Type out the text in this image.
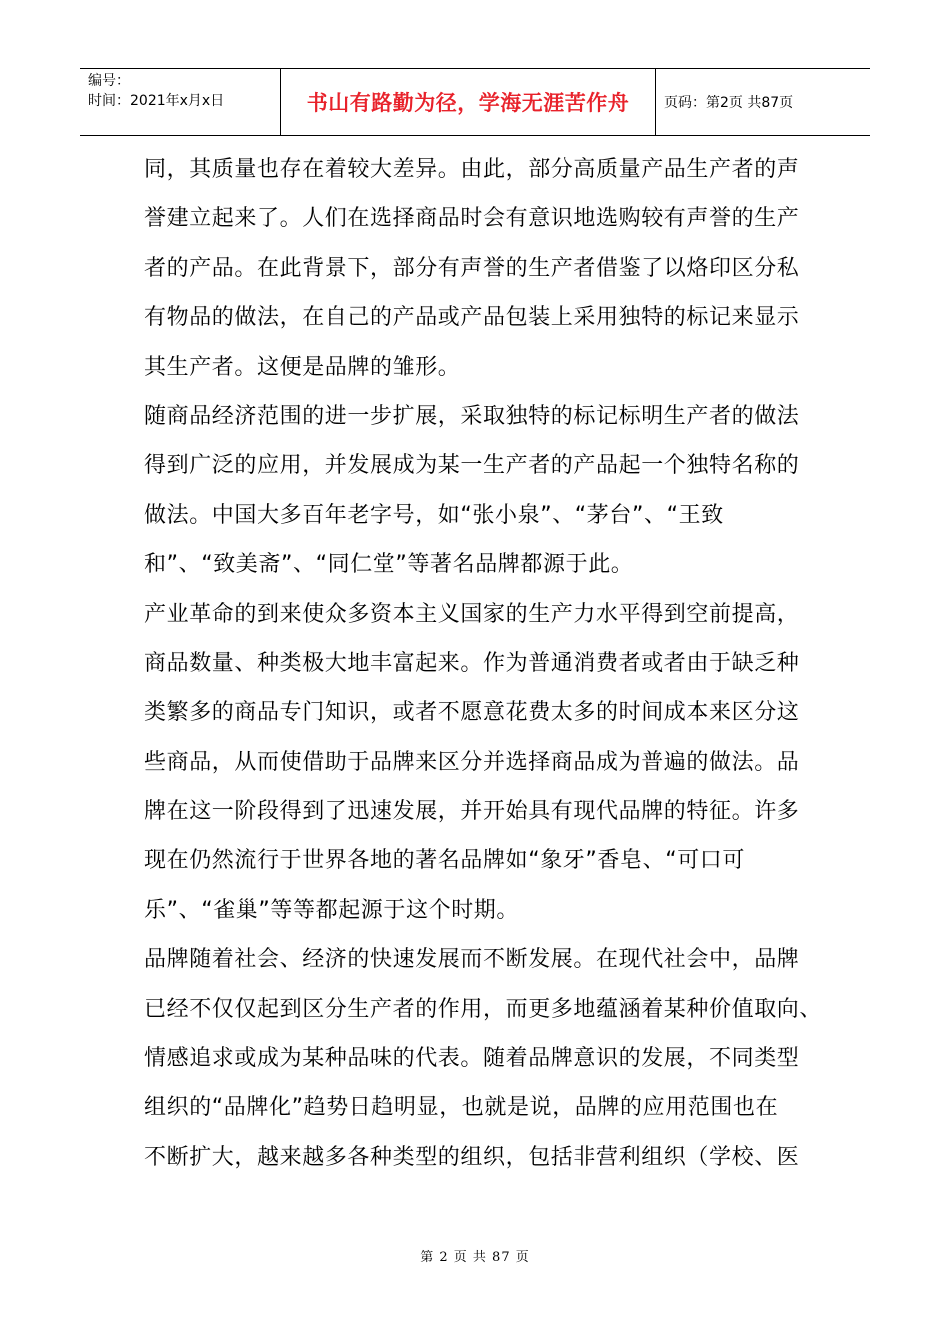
编号：
时间：2021年x月x日	书山有路勤为径，学海无涯苦作舟 页码：第2页 共87页
同，其质量也存在着较大差异。由此，部分高质量产品生产者的声
誉建立起来了。人们在选择商品时会有意识地选购较有声誉的生产
者的产品。在此背景下，部分有声誉的生产者借鉴了以烙印区分私
有物品的做法，在自己的产品或产品包装上采用独特的标记来显示
其生产者。这便是品牌的雏形。
随商品经济范围的进一步扩展，采取独特的标记标明生产者的做法
得到广泛的应用，并发展成为某一生产者的产品起一个独特名称的
做法。中国大多百年老字号，如“张小泉”、“茅台”、“王致
和”、“致美斋”、“同仁堂”等著名品牌都源于此。
产业革命的到来使众多资本主义国家的生产力水平得到空前提高，
商品数量、种类极大地丰富起来。作为普通消费者或者由于缺乏种
类繁多的商品专门知识，或者不愿意花费太多的时间成本来区分这
些商品，从而使借助于品牌来区分并选择商品成为普遍的做法。品
牌在这一阶段得到了迅速发展，并开始具有现代品牌的特征。许多
现在仍然流行于世界各地的著名品牌如“象牙”香皂、“可口可
乐”、“雀巢”等等都起源于这个时期。
品牌随着社会、经济的快速发展而不断发展。在现代社会中，品牌
已经不仅仅起到区分生产者的作用，而更多地蕴涵着某种价值取向、
情感追求或成为某种品味的代表。随着品牌意识的发展，不同类型
组织的“品牌化”趋势日趋明显，也就是说，品牌的应用范围也在
不断扩大，越来越多各种类型的组织，包括非营利组织（学校、医
第 2 页 共 87 页
